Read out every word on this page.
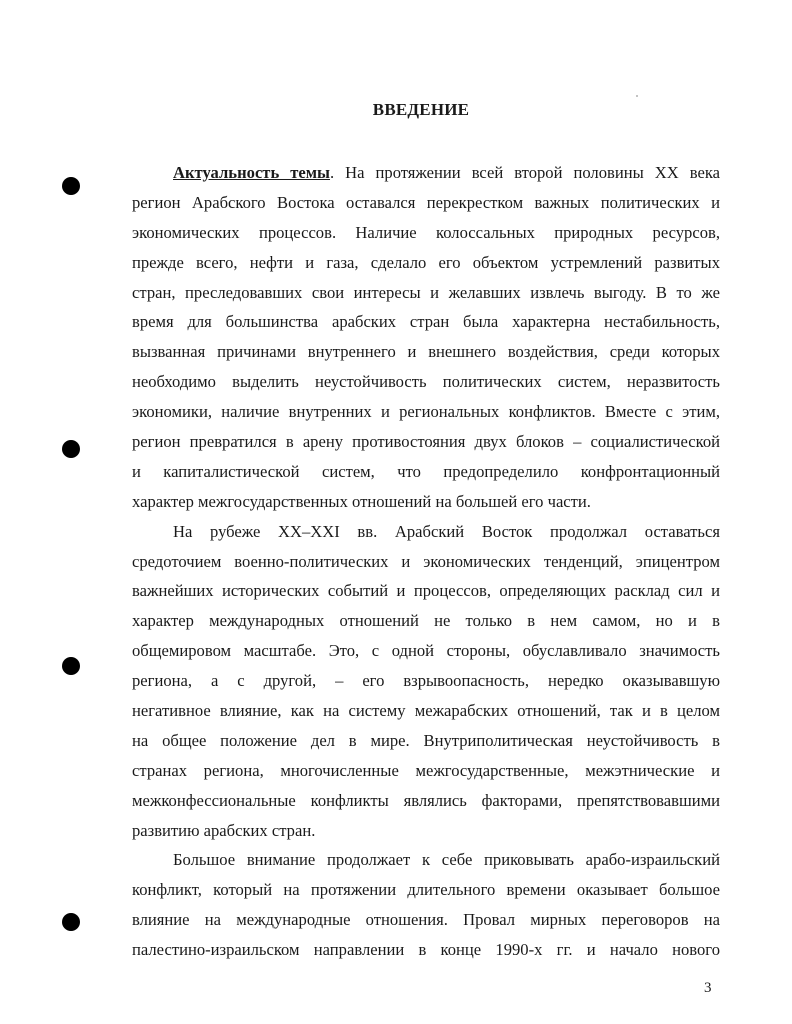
ВВЕДЕНИЕ
Актуальность темы. На протяжении всей второй половины XX века
регион Арабского Востока оставался перекрестком важных политических и
экономических процессов. Наличие колоссальных природных ресурсов,
прежде всего, нефти и газа, сделало его объектом устремлений развитых
стран, преследовавших свои интересы и желавших извлечь выгоду. В то же
время для большинства арабских стран была характерна нестабильность,
вызванная причинами внутреннего и внешнего воздействия, среди которых
необходимо выделить неустойчивость политических систем, неразвитость
экономики, наличие внутренних и региональных конфликтов. Вместе с этим,
регион превратился в арену противостояния двух блоков – социалистической
и капиталистической систем, что предопределило конфронтационный
характер межгосударственных отношений на большей его части.
На рубеже XX–XXI вв. Арабский Восток продолжал оставаться
средоточием военно-политических и экономических тенденций, эпицентром
важнейших исторических событий и процессов, определяющих расклад сил и
характер международных отношений не только в нем самом, но и в
общемировом масштабе. Это, с одной стороны, обуславливало значимость
региона, а с другой, – его взрывоопасность, нередко оказывавшую
негативное влияние, как на систему межарабских отношений, так и в целом
на общее положение дел в мире. Внутриполитическая неустойчивость в
странах региона, многочисленные межгосударственные, межэтнические и
межконфессиональные конфликты являлись факторами, препятствовавшими
развитию арабских стран.
Большое внимание продолжает к себе приковывать арабо-израильский
конфликт, который на протяжении длительного времени оказывает большое
влияние на международные отношения. Провал мирных переговоров на
палестино-израильском направлении в конце 1990-х гг. и начало нового
3
